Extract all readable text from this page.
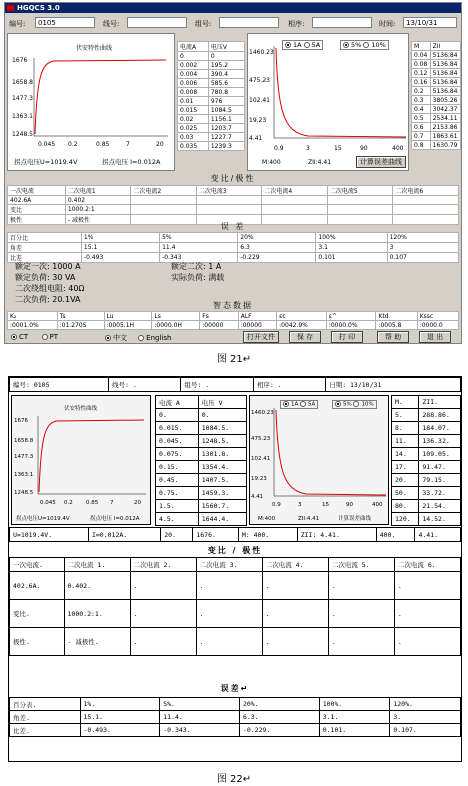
HGQCS 3.0
编号:	0105	线号:	组号:	相序:	时间:	13/10/31
伏安特性曲线
1676
1658.8
1477.3
1363.1
1248.5
0.045 0.2	0.85	7	20
拐点电压U=1019.4V	拐点电压 I=0.012A
电流A	电压V
0	0
0.002	195.2
0.004	390.4
0.006	585.6
0.008	780.8
0.01	976
0.015	1084.5
0.02	1156.1
0.025	1203.7
0.03	1227.7
0.035	1239.3
1A 5A	5% 10%
1460.23
475.23
102.41
19.23
4.41
0.9	3	15	90	400
M:400	ZII:4.41	计算误差曲线
M	ZII
0.04	5136.84
0.08	5136.84
0.12	5136.84
0.16	5136.84
0.2	5136.84
0.3	3805.26
0.4	3042.37
0.5	2534.11
0.6	2153.86
0.7	1863.61
0.8	1630.79
变比/极性
一次电流	二次电流1	二次电流2	二次电流3	二次电流4	二次电流5	二次电流6
402.6A	0.402					
变比	1000.2:1					
极性	- 减极性					
误 差
百分比	1%	5%	20%	100%	120%
角差	15.1	11.4	6.3	3.1	3
比差	-0.493	-0.343	-0.229	0.101	0.107
额定一次: 1000 A
额定负荷: 30 VA
二次绕组电阻: 40Ω
二次负荷: 20.1VA
额定二次: 1 A
实际负荷: 满载
智态数据
K₂	Ts	Lu	Ls	Fs	ALF	εc	ε^	Ktd	Kssc
:0001.0%	:01.270S	:0005.1H	:0000.0H	:00000	:00000	:0042.9%	:0000.0%	:0005.8	:0000.0
CT	PT	中文	English	打开文件	保 存	打 印	帮 助	退 出
图 21↵
编号: 0105	线号: .	组号: .	相序: .	日期: 13/10/31
伏安特性曲线
1676
1658.8
1477.3
1363.1
1248.5
0.045 0.2 0.85 7	20
拐点电压U=1019.4V	拐点电压 I=0.012A
电流 A	电压 V
0.	0.
0.015.	1084.5.
0.045.	1248.5.
0.075.	1301.8.
0.15.	1354.4.
0.45.	1407.5.
0.75.	1459.3.
1.5.	1560.7.
4.5.	1644.4.
1A 5A	5% 10%
1460.23
475.23
102.41
19.23
4.41
0.9	3	15	90	400
M:400	ZII:4.41	计算误差曲线
M.	ZII.
5.	288.86.
8.	184.07.
11.	136.32.
14.	109.05.
17.	91.47.
20.	79.15.
50.	33.72.
80.	21.54.
120.	14.52.
U=1019.4V.	I=0.012A.	20.	1676.	M: 400.	ZII: 4.41.	400.	4.41.
变比 / 极性
一次电流.	二次电流 1.	二次电流 2.	二次电流 3.	二次电流 4.	二次电流 5.	二次电流 6.
402.6A.	0.402.	.	.	.	.	.
变比.	1000.2:1.	.	.	.	.	.
极性.	- 减极性.	.	.	.	.	.
误差↵
百分表.	1%.	5%.	20%.	100%.	120%.
角差.	15.1.	11.4.	6.3.	3.1.	3.
比差.	-0.493.	-0.343.	-0.229.	0.101.	0.107.
图 22↵
